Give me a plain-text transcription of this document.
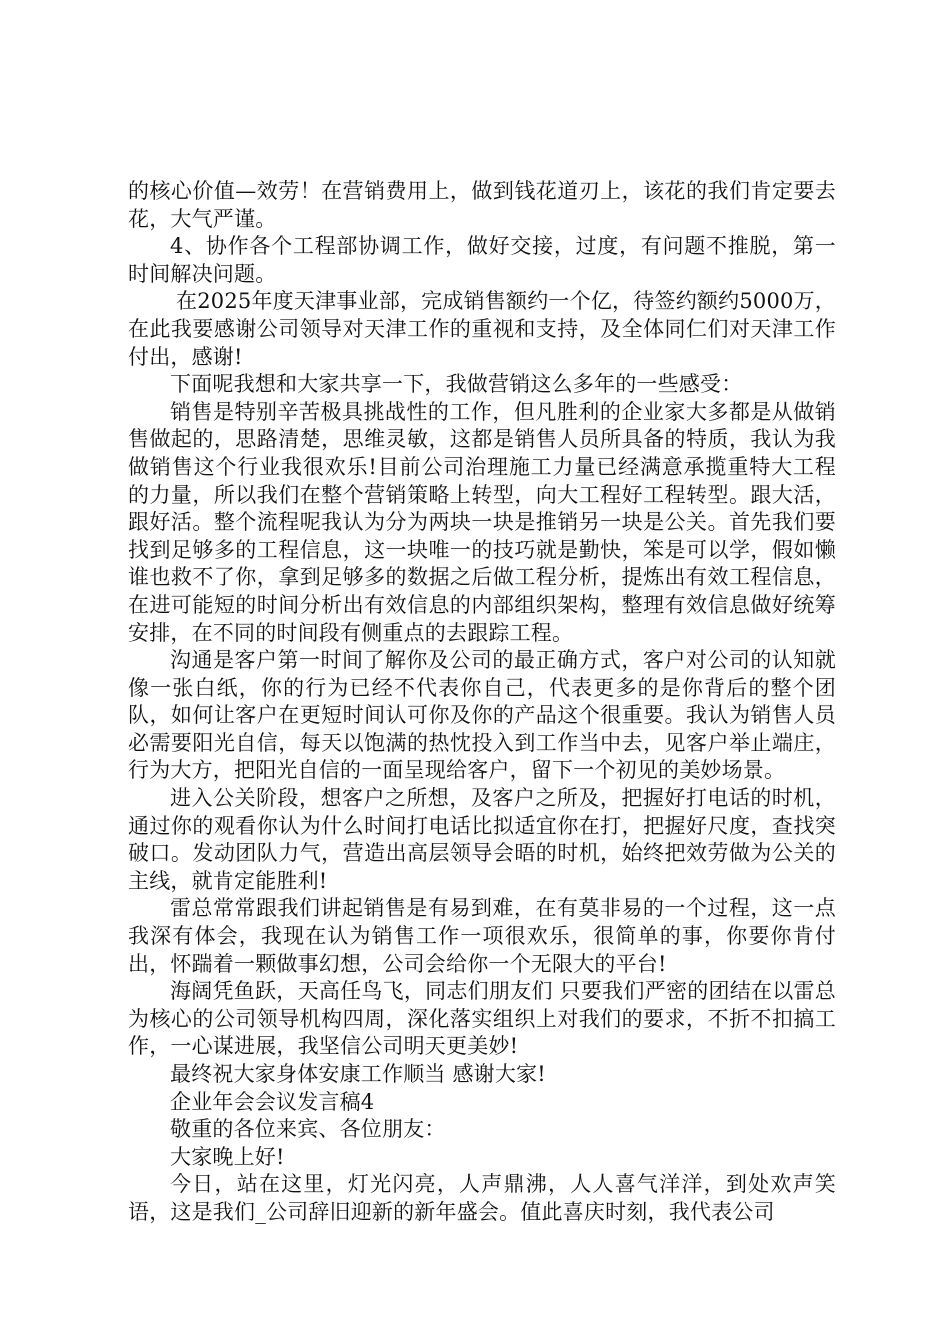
的核心价值—效劳！在营销费用上，做到钱花道刃上，该花的我们肯定要去花，大气严谨。

4、协作各个工程部协调工作，做好交接，过度，有问题不推脱，第一时间解决问题。

在2025年度天津事业部，完成销售额约一个亿，待签约额约5000万，在此我要感谢公司领导对天津工作的重视和支持，及全体同仁们对天津工作付出，感谢!

下面呢我想和大家共享一下，我做营销这么多年的一些感受：

销售是特别辛苦极具挑战性的工作，但凡胜利的企业家大多都是从做销售做起的，思路清楚，思维灵敏，这都是销售人员所具备的特质，我认为我做销售这个行业我很欢乐!目前公司治理施工力量已经满意承揽重特大工程的力量，所以我们在整个营销策略上转型，向大工程好工程转型。跟大活，跟好活。整个流程呢我认为分为两块一块是推销另一块是公关。首先我们要找到足够多的工程信息，这一块唯一的技巧就是勤快，笨是可以学，假如懒谁也救不了你，拿到足够多的数据之后做工程分析，提炼出有效工程信息，在进可能短的时间分析出有效信息的内部组织架构，整理有效信息做好统筹安排，在不同的时间段有侧重点的去跟踪工程。

沟通是客户第一时间了解你及公司的最正确方式，客户对公司的认知就像一张白纸，你的行为已经不代表你自己，代表更多的是你背后的整个团队，如何让客户在更短时间认可你及你的产品这个很重要。我认为销售人员必需要阳光自信，每天以饱满的热忱投入到工作当中去，见客户举止端庄，行为大方，把阳光自信的一面呈现给客户，留下一个初见的美妙场景。

进入公关阶段，想客户之所想，及客户之所及，把握好打电话的时机，通过你的观看你认为什么时间打电话比拟适宜你在打，把握好尺度，查找突破口。发动团队力气，营造出高层领导会晤的时机，始终把效劳做为公关的主线，就肯定能胜利!

雷总常常跟我们讲起销售是有易到难，在有莫非易的一个过程，这一点我深有体会，我现在认为销售工作一项很欢乐，很简单的事，你要你肯付出，怀踹着一颗做事幻想，公司会给你一个无限大的平台!

海阔凭鱼跃，天高任鸟飞，同志们朋友们 只要我们严密的团结在以雷总为核心的公司领导机构四周，深化落实组织上对我们的要求，不折不扣搞工作，一心谋进展，我坚信公司明天更美妙!

最终祝大家身体安康工作顺当 感谢大家!

企业年会会议发言稿4

敬重的各位来宾、各位朋友：

大家晚上好!

今日，站在这里，灯光闪亮，人声鼎沸，人人喜气洋洋，到处欢声笑语，这是我们_公司辞旧迎新的新年盛会。值此喜庆时刻，我代表公司
